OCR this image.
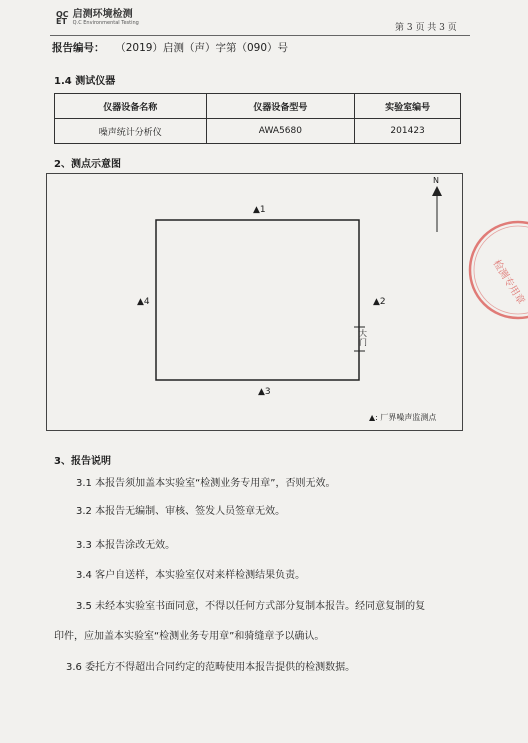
QC
ET
启测环境检测
Q.C Environmental Testing	第 3 页 共 3 页
报告编号： （2019）启测（声）字第（090）号
1.4 测试仪器
仪器设备名称	仪器设备型号	实验室编号
噪声统计分析仪	AWA5680	201423
2、测点示意图
N
▲1
▲2
▲3
▲4
大门
▲: 厂界噪声监测点
检测专用章
3、报告说明
3.1 本报告须加盖本实验室“检测业务专用章”，否则无效。
3.2 本报告无编制、审核、签发人员签章无效。
3.3 本报告涂改无效。
3.4 客户自送样，本实验室仅对来样检测结果负责。
3.5 未经本实验室书面同意，不得以任何方式部分复制本报告。经同意复制的复
印件，应加盖本实验室“检测业务专用章”和骑缝章予以确认。
3.6 委托方不得超出合同约定的范畴使用本报告提供的检测数据。
